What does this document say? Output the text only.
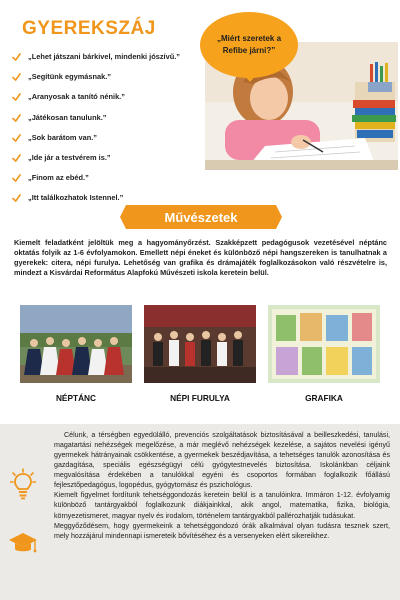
GYEREKSZÁJ
„Lehet játszani bárkivel, mindenki jószívű.”
„Segítünk egymásnak.”
„Aranyosak a tanító nénik.”
„Játékosan tanulunk.”
„Sok barátom van.”
„Ide jár a testvérem is.”
„Finom az ebéd.”
„Itt találkozhatok Istennel.”
„Miért szeretek a Refibe járni?”
Művészetek

Kiemelt feladatként jelöltük meg a hagyományőrzést. Szakképzett pedagógusok vezetésével néptánc oktatás folyik az 1-6 évfolyamokon. Emellett népi éneket és különböző népi hangszereken is tanulhatnak a gyerekek: citera, népi furulya. Lehetőség van grafika és drámajáték foglalkozásokon való részvételre is, mindezt a Kisvárdai Református Alapfokú Művészeti iskola keretein belül.

NÉPTÁNC	NÉPI FURULYA	GRAFIKA

Célunk, a térségben egyedülálló, prevenciós szolgáltatások biztosításával a beilleszkedési, tanulási, magatartási nehézségek megelőzése, a már meglévő nehézségek kezelése, a sajátos nevelési igényű gyermekek hátrányainak csökkentése, a gyermekek beszédjavítása, a tehetséges tanulók azonosítása és gazdagítása, speciális egészségügyi célú gyógytestnevelés biztosítása. Iskolánkban céljaink megvalósítása érdekében a tanulókkal egyéni és csoportos formában foglalkozik főállású fejlesztőpedagógus, logopédus, gyógytornász és pszichológus.

Kiemelt figyelmet fordítunk tehetséggondozás keretein belül is a tanulóinkra. Immáron 1-12. évfolyamig különböző tantárgyakból foglalkozunk diákjainkkal, akik angol, matematika, fizika, biológia, környezetismeret, magyar nyelv és irodalom, történelem tantárgyakból pallérozhatják tudásukat.

Meggyőződésem, hogy gyermekeink a tehetséggondozó órák alkalmával olyan tudásra tesznek szert, mely hozzájárul mindennapi ismereteik bővítéséhez és a versenyeken elért sikereikhez.
